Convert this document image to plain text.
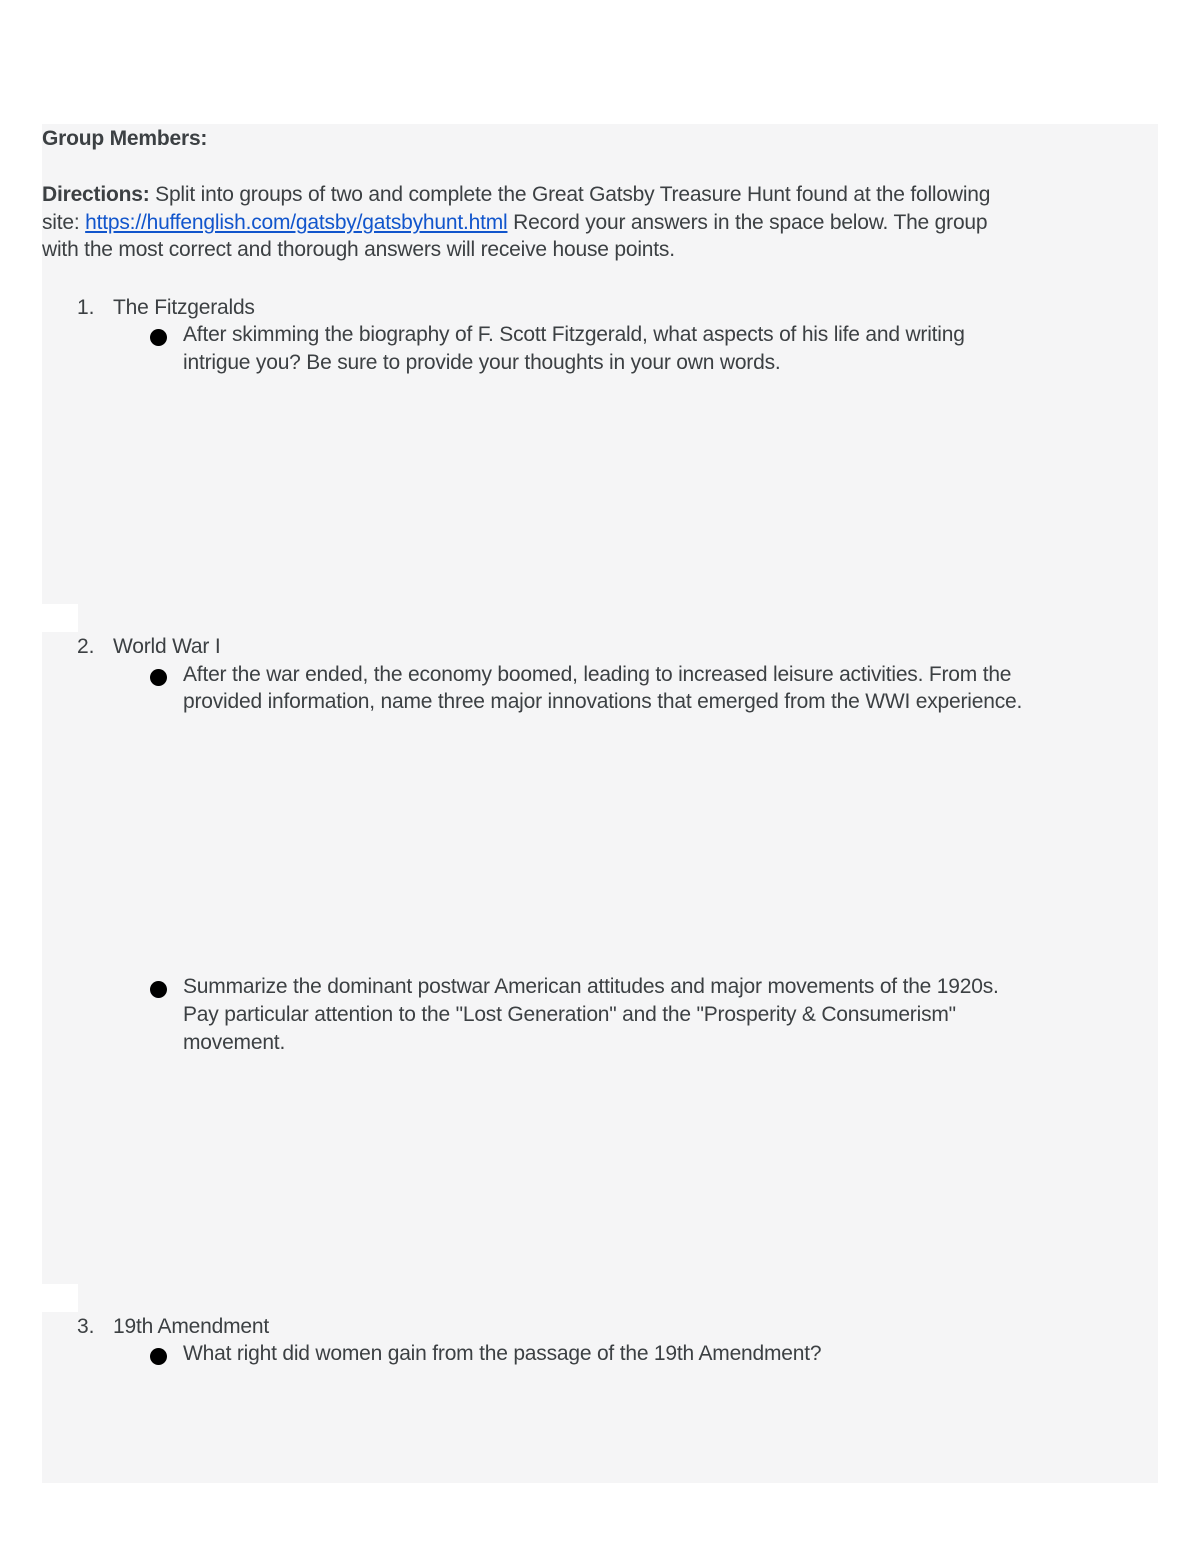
Group Members:
Directions: Split into groups of two and complete the Great Gatsby Treasure Hunt found at the following
site: https://huffenglish.com/gatsby/gatsbyhunt.html Record your answers in the space below. The group
with the most correct and thorough answers will receive house points.
1. The Fitzgeralds
After skimming the biography of F. Scott Fitzgerald, what aspects of his life and writing
intrigue you? Be sure to provide your thoughts in your own words.
2. World War I
After the war ended, the economy boomed, leading to increased leisure activities. From the
provided information, name three major innovations that emerged from the WWI experience.
Summarize the dominant postwar American attitudes and major movements of the 1920s.
Pay particular attention to the "Lost Generation" and the "Prosperity & Consumerism"
movement.
3. 19th Amendment
What right did women gain from the passage of the 19th Amendment?
